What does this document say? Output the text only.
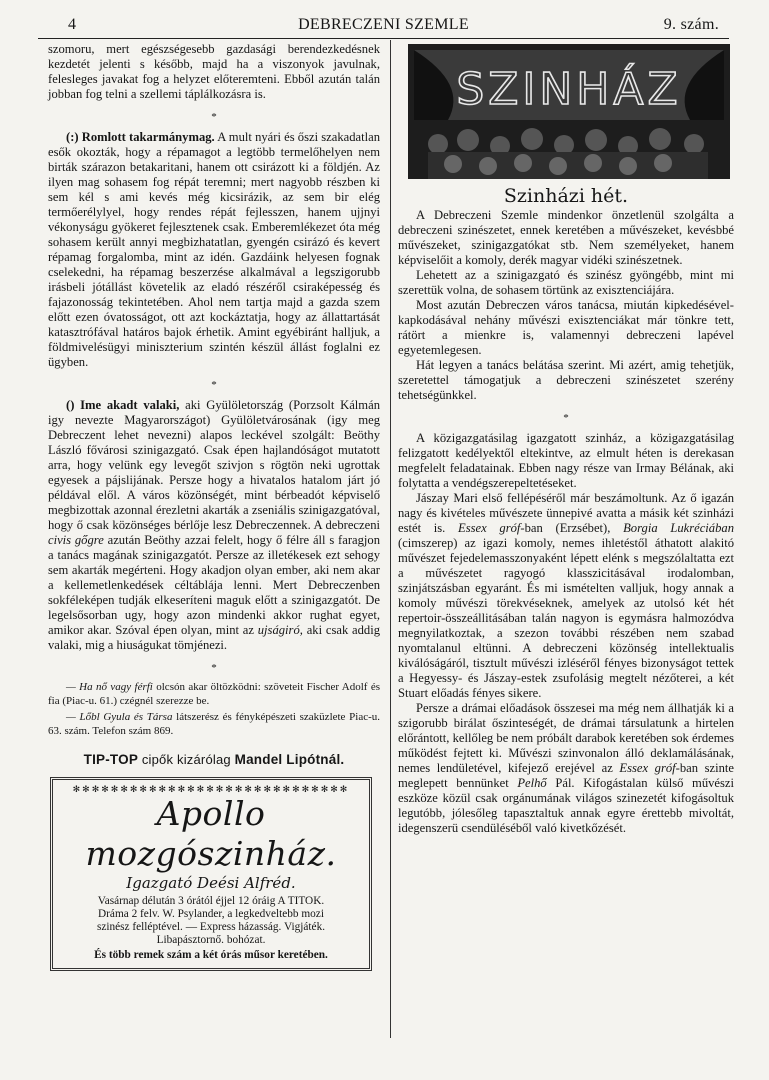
4	DEBRECZENI SZEMLE	9. szám.

szomoru, mert egészségesebb gazdasági berendezkedésnek kezdetét jelenti s később, majd ha a viszonyok javulnak, felesleges javakat fog a helyzet előteremteni. Ebből azután talán jobban fog telni a szellemi táplálkozásra is.

*

(:) Romlott takarmánymag. A mult nyári és őszi szakadatlan esők okozták, hogy a répamagot a legtöbb termelőhelyen nem birták szárazon betakaritani, hanem ott csirázott ki a földjén. Az ilyen mag sohasem fog répát teremni; mert nagyobb részben ki sem kél s ami kevés még kicsirázik, az sem bir elég termőerélylyel, hogy rendes répát fejlesszen, hanem ujjnyi vékonyságu gyökeret fejlesztenek csak. Emberemlékezet óta még sohasem került annyi megbizhatatlan, gyengén csirázó és kevert répamag forgalomba, mint az idén. Gazdáink helyesen fognak cselekedni, ha répamag beszerzése alkalmával a legszigorubb irásbeli jótállást követelik az eladó részéről csiraképesség és fajazonosság tekintetében. Ahol nem tartja majd a gazda szem előtt ezen óvatosságot, ott azt kockáztatja, hogy az állattartását katasztrófával határos bajok érhetik. Amint egyébiránt halljuk, a földmivelésügyi miniszterium szintén készül állást foglalni ez ügyben.

*

() Ime akadt valaki, aki Gyülöletország (Porzsolt Kálmán igy nevezte Magyarországot) Gyülöletvárosának (igy meg Debreczent lehet nevezni) alapos leckével szolgált: Beöthy László fővárosi szinigazgató. Csak épen hajlandóságot mutatott arra, hogy velünk egy levegőt szivjon s rögtön neki ugrottak egyesek a pájslijának. Persze hogy a hivatalos hatalom járt jó példával elől. A város közönségét, mint bérbeadót képviselő megbizottak azonnal érezletni akarták a zseniális szinigazgatóval, hogy ő csak közönséges bérlője lesz Debreczennek. A debreczeni civis gőgre azután Beöthy azzai felelt, hogy ő félre áll s faragjon a tanács magának szinigazgatót. Persze az illetékesek ezt sehogy sem akarták megérteni. Hogy akadjon olyan ember, aki nem akar a kellemetlenkedések céltáblája lenni. Mert Debreczenben sokféleképen tudják elkeseríteni maguk előtt a szinigazgatót. De legelsősorban ugy, hogy azon mindenki akkor rughat egyet, amikor akar. Szóval épen olyan, mint az ujságiró, aki csak addig valaki, mig a hiuságukat tömjénezi.

*

— Ha nő vagy férfi olcsón akar öltözködni: szöveteit Fischer Adolf és fia (Piac-u. 61.) czégnél szerezze be.

— Lőbl Gyula és Társa látszerész és fényképészeti szaküzlete Piac-u. 63. szám. Telefon szám 869.

TIP-TOP cipők kizárólag Mandel Lipótnál.

✻✻✻✻✻✻✻✻✻✻✻✻✻✻✻✻✻✻✻✻✻✻✻✻✻✻✻✻✻
Apollo mozgószinház.
Igazgató Deési Alfréd.
Vasárnap délután 3 órától éjjel 12 óráig A TITOK.
Dráma 2 felv. W. Psylander, a legkedveltebb mozi
szinész felléptével. — Express házasság. Vigjáték.
Libapásztornő. bohózat.
És több remek szám a két órás műsor keretében.
SZINHÁZ

Szinházi hét.

A Debreczeni Szemle mindenkor önzetlenül szolgálta a debreczeni szinészetet, ennek keretében a művészeket, kevésbbé művészeket, szinigazgatókat stb. Nem személyeket, hanem képviselőit a komoly, derék magyar vidéki szinészetnek.

Lehetett az a szinigazgató és szinész gyöngébb, mint mi szerettük volna, de sohasem törtünk az exisztenciájára.

Most azután Debreczen város tanácsa, miután kipkedésével-kapkodásával nehány művészi exisztenciákat már tönkre tett, rátört a mienkre is, valamennyi debreczeni lapével egyetemlegesen.

Hát legyen a tanács belátása szerint. Mi azért, amig tehetjük, szeretettel támogatjuk a debreczeni szinészetet szerény tehetségünkkel.

*

A közigazgatásilag igazgatott szinház, a közigazgatásilag felizgatott kedélyektől eltekintve, az elmult héten is derekasan megfelelt feladatainak. Ebben nagy része van Irmay Bélának, aki folytatta a vendégszerepeltetéseket.

Jászay Mari első fellépéséről már beszámoltunk. Az ő igazán nagy és kivételes művészete ünnepivé avatta a másik két szinházi estét is. Essex gróf-ban (Erzsébet), Borgia Lukréciában (cimszerep) az igazi komoly, nemes ihletéstől áthatott alakitó művészet fejedelemasszonyaként lépett elénk s megszólaltatta ezt a művészetet ragyogó klasszicitásával irodalomban, szinjátszásban egyaránt. És mi ismételten valljuk, hogy annak a komoly művészi törekvéseknek, amelyek az utolsó két hét repertoir-összeállitásában talán nagyon is egymásra halmozódva megnyilatkoztak, a szezon további részében nem szabad nyomtalanul eltünni. A debreczeni közönség intellektualis kiválóságáról, tisztult művészi izléséről fényes bizonyságot tettek a Hegyessy- és Jászay-estek zsufolásig megtelt nézőterei, a két Stuart előadás fényes sikere.

Persze a drámai előadások összesei ma még nem állhatják ki a szigorubb birálat őszinteségét, de drámai társulatunk a hirtelen előrántott, kellőleg be nem próbált darabok keretében sok érdemes működést fejtett ki. Művészi szinvonalon álló deklamálásának, nemes lendületével, kifejező erejével az Essex gróf-ban szinte meglepett bennünket Pelhő Pál. Kifogástalan külső művészi eszköze közül csak orgánumának világos szinezetét kifogásoltuk legutóbb, jólesőleg tapasztaltuk annak egyre érettebb mivoltát, idegenszerü csendüléséből való kivetkőzését.
